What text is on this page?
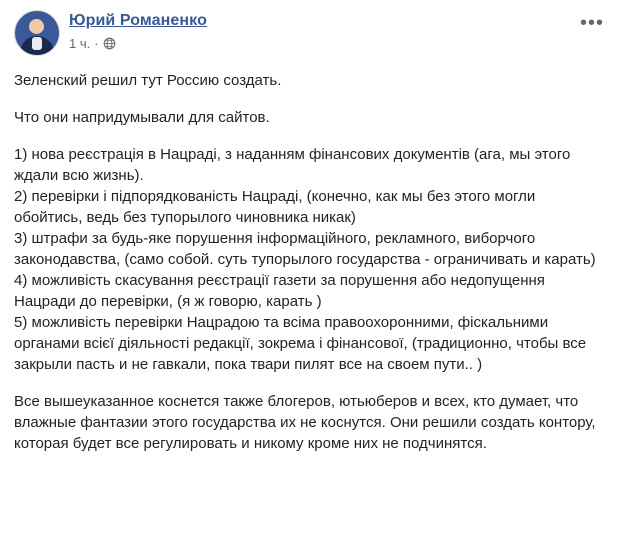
Юрий Романенко
1 ч. ·
•••

Зеленский решил тут Россию создать.

Что они напридумывали для сайтов.

1) нова реєстрація в Нацраді, з наданням фінансових документів (ага, мы этого ждали всю жизнь).
2) перевірки і підпорядкованість Нацраді, (конечно, как мы без этого могли обойтись, ведь без тупорылого чиновника никак)
3) штрафи за будь-яке порушення інформаційного, рекламного, виборчого законодавства, (само собой. суть тупорылого государства - ограничивать и карать)
4) можливість скасування реєстрації газети за порушення або недопущення Нацради до перевірки, (я ж говорю, карать )
5) можливість перевірки Нацрадою та всіма правоохоронними, фіскальними органами всієї діяльності редакції, зокрема і фінансової, (традиционно, чтобы все закрыли пасть и не гавкали, пока твари пилят все на своем пути.. )

Все вышеуказанное коснется также блогеров, ютьюберов и всех, кто думает, что влажные фантазии этого государства их не коснутся. Они решили создать контору, которая будет все регулировать и никому кроме них не подчинятся.
